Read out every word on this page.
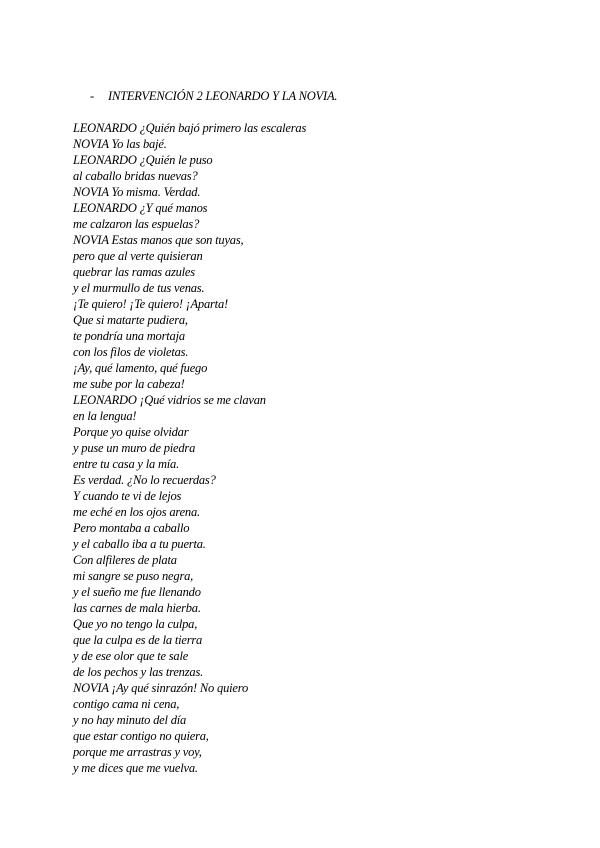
- INTERVENCIÓN 2 LEONARDO Y LA NOVIA.
LEONARDO ¿Quién bajó primero las escaleras
NOVIA Yo las bajé.
LEONARDO ¿Quién le puso
al caballo bridas nuevas?
NOVIA Yo misma. Verdad.
LEONARDO ¿Y qué manos
me calzaron las espuelas?
NOVIA Estas manos que son tuyas,
pero que al verte quisieran
quebrar las ramas azules
y el murmullo de tus venas.
¡Te quiero! ¡Te quiero! ¡Aparta!
Que si matarte pudiera,
te pondría una mortaja
con los filos de violetas.
¡Ay, qué lamento, qué fuego
me sube por la cabeza!
LEONARDO ¡Qué vidrios se me clavan
en la lengua!
Porque yo quise olvidar
y puse un muro de piedra
entre tu casa y la mía.
Es verdad. ¿No lo recuerdas?
Y cuando te vi de lejos
me eché en los ojos arena.
Pero montaba a caballo
y el caballo iba a tu puerta.
Con alfileres de plata
mi sangre se puso negra,
y el sueño me fue llenando
las carnes de mala hierba.
Que yo no tengo la culpa,
que la culpa es de la tierra
y de ese olor que te sale
de los pechos y las trenzas.
NOVIA ¡Ay qué sinrazón! No quiero
contigo cama ni cena,
y no hay minuto del día
que estar contigo no quiera,
porque me arrastras y voy,
y me dices que me vuelva.
